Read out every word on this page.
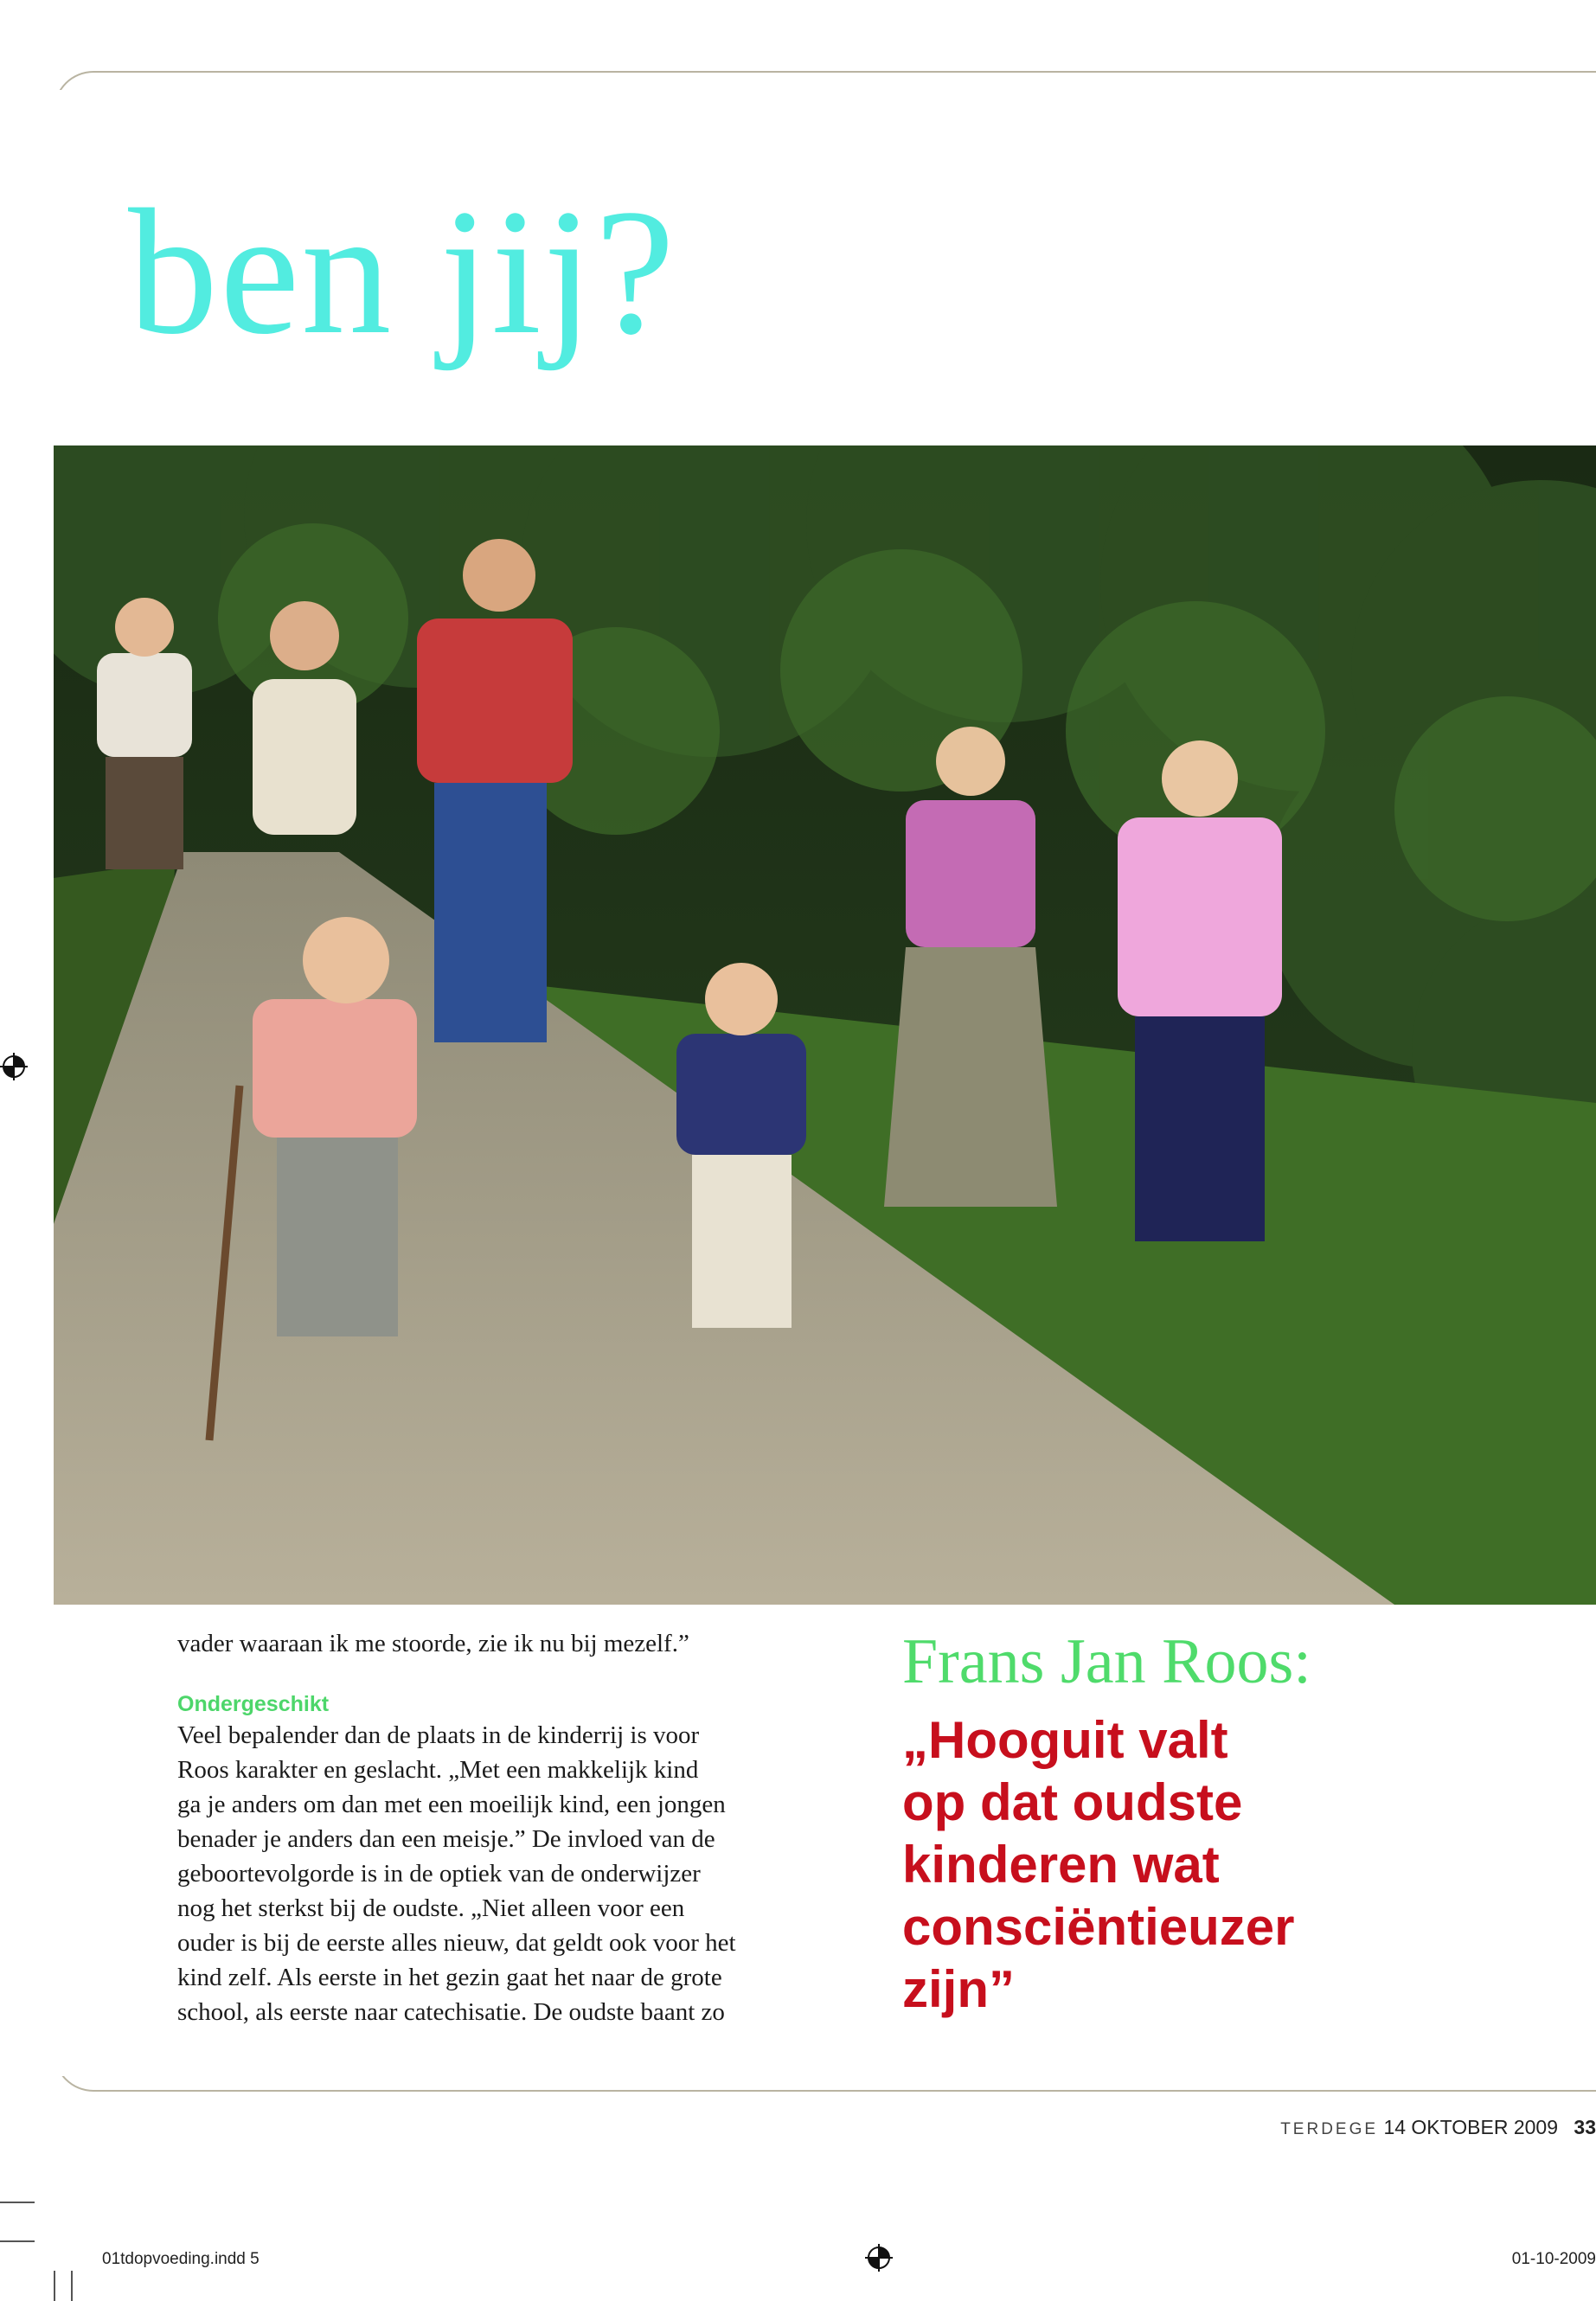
ben jij?

vader waaraan ik me stoorde, zie ik nu bij mezelf.”

Ondergeschikt

Veel bepalender dan de plaats in de kinderrij is voor

Roos karakter en geslacht. „Met een makkelijk kind

ga je anders om dan met een moeilijk kind, een jongen

benader je anders dan een meisje.” De invloed van de

geboortevolgorde is in de optiek van de onderwijzer

nog het sterkst bij de oudste. „Niet alleen voor een

ouder is bij de eerste alles nieuw, dat geldt ook voor het

kind zelf. Als eerste in het gezin gaat het naar de grote

school, als eerste naar catechisatie. De oudste baant zo

Frans Jan Roos:

„Hooguit valt
op dat oudste
kinderen wat
consciëntieuzer
zijn”

TERDEGE 14 OKTOBER 2009 33
01tdopvoeding.indd 5	01-10-2009
